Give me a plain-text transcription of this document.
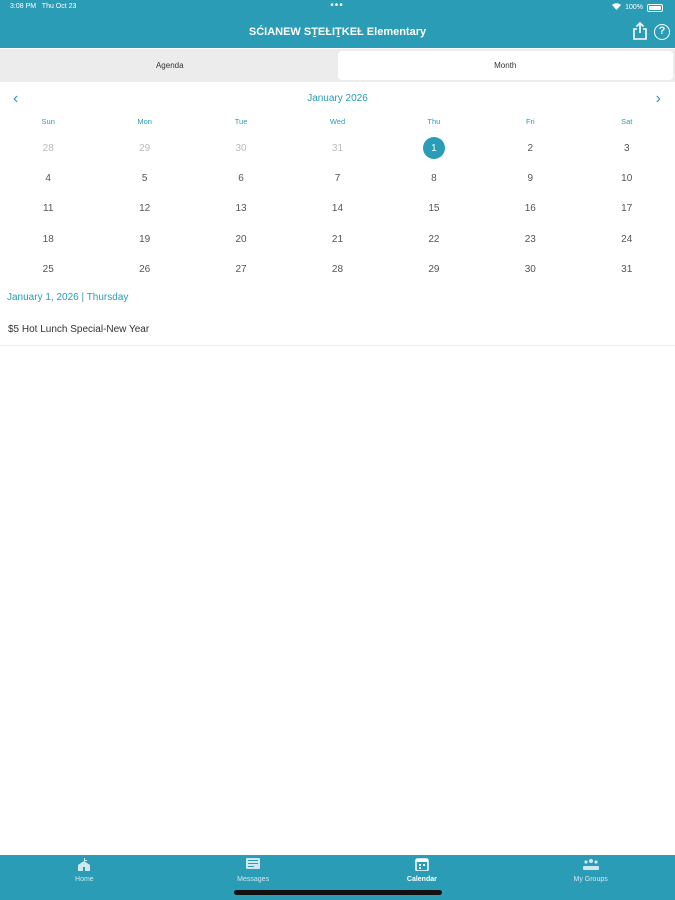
3:08 PM Thu Oct 23	•••	100%
SĆIANEW SṮEȽIṮKEȽ Elementary	?
Agenda	Month
‹	January 2026	›
Sun	Mon	Tue	Wed	Thu	Fri	Sat
28	29	30	31	1	2	3
4	5	6	7	8	9	10
11	12	13	14	15	16	17
18	19	20	21	22	23	24
25	26	27	28	29	30	31
January 1, 2026 | Thursday
$5 Hot Lunch Special-New Year
Home	Messages	Calendar	My Groups
